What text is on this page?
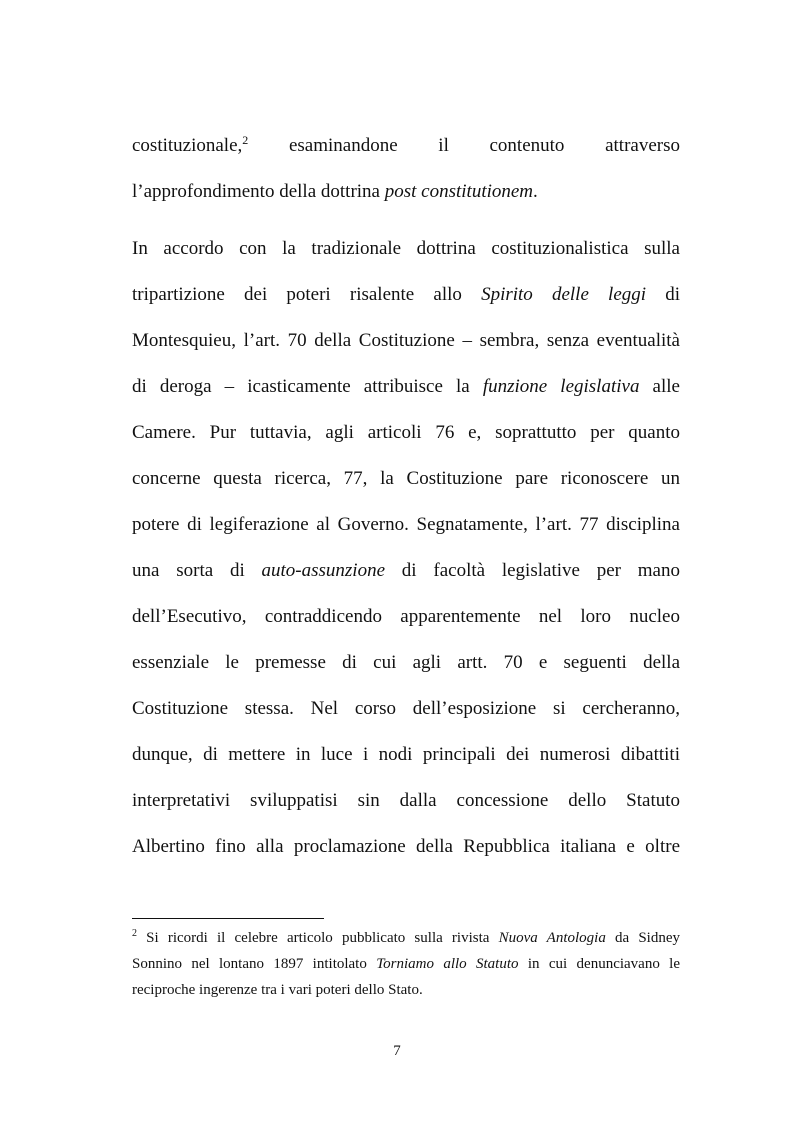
costituzionale,$^2$ esaminandone il contenuto attraverso
l’approfondimento della dottrina post constitutionem.
In accordo con la tradizionale dottrina costituzionalistica sulla
tripartizione dei poteri risalente allo Spirito delle leggi di
Montesquieu, l’art. 70 della Costituzione – sembra, senza eventualità
di deroga – icasticamente attribuisce la funzione legislativa alle
Camere. Pur tuttavia, agli articoli 76 e, soprattutto per quanto
concerne questa ricerca, 77, la Costituzione pare riconoscere un
potere di legiferazione al Governo. Segnatamente, l’art. 77 disciplina
una sorta di auto-assunzione di facoltà legislative per mano
dell’Esecutivo, contraddicendo apparentemente nel loro nucleo
essenziale le premesse di cui agli artt. 70 e seguenti della
Costituzione stessa. Nel corso dell’esposizione si cercheranno,
dunque, di mettere in luce i nodi principali dei numerosi dibattiti
interpretativi sviluppatisi sin dalla concessione dello Statuto
Albertino fino alla proclamazione della Repubblica italiana e oltre
$^2$ Si ricordi il celebre articolo pubblicato sulla rivista Nuova Antologia da Sidney
Sonnino nel lontano 1897 intitolato Torniamo allo Statuto in cui denunciavano le
reciproche ingerenze tra i vari poteri dello Stato.
7
